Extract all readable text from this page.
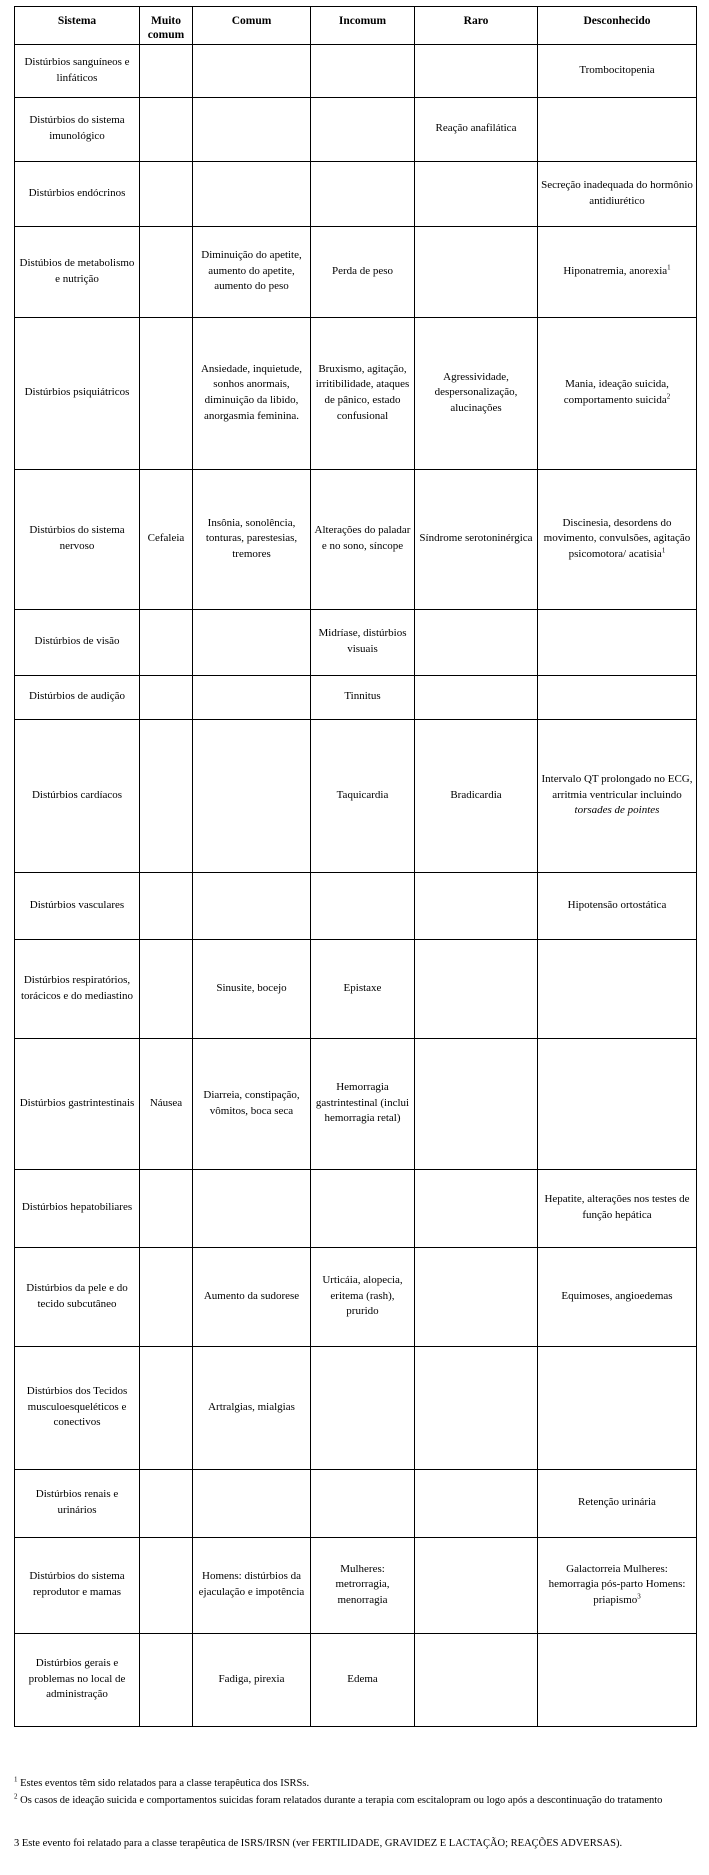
Sistema	Muito comum	Comum	Incomum	Raro	Desconhecido
Distúrbios sanguíneos e linfáticos					Trombocitopenia
Distúrbios do sistema imunológico				Reação anafilática	
Distúrbios endócrinos					Secreção inadequada do hormônio antidiurético
Distúbios de metabolismo e nutrição		Diminuição do apetite, aumento do apetite, aumento do peso	Perda de peso		Hiponatremia, anorexia$^1$
Distúrbios psiquiátricos		Ansiedade, inquietude, sonhos anormais, diminuição da libido, anorgasmia feminina.	Bruxismo, agitação, irritibilidade, ataques de pânico, estado confusional	Agressividade, despersonalização, alucinações	Mania, ideação suicida, comportamento suicida$^2$
Distúrbios do sistema nervoso	Cefaleia	Insônia, sonolência, tonturas, parestesias, tremores	Alterações do paladar e no sono, síncope	Síndrome serotoninérgica	Discinesia, desordens do movimento, convulsões, agitação psicomotora/ acatisia$^1$
Distúrbios de visão			Midríase, distúrbios visuais		
Distúrbios de audição			Tinnitus		
Distúrbios cardíacos			Taquicardia	Bradicardia	Intervalo QT prolongado no ECG, arritmia ventricular incluindo torsades de pointes
Distúrbios vasculares					Hipotensão ortostática
Distúrbios respiratórios, torácicos e do mediastino		Sinusite, bocejo	Epistaxe		
Distúrbios gastrintestinais	Náusea	Diarreia, constipação, vômitos, boca seca	Hemorragia gastrintestinal (inclui hemorragia retal)		
Distúrbios hepatobiliares					Hepatite, alterações nos testes de função hepática
Distúrbios da pele e do tecido subcutâneo		Aumento da sudorese	Urticáia, alopecia, eritema (rash), prurido		Equimoses, angioedemas
Distúrbios dos Tecidos musculoesqueléticos e conectivos		Artralgias, mialgias			
Distúrbios renais e urinários					Retenção urinária
Distúrbios do sistema reprodutor e mamas		Homens: distúrbios da ejaculação e impotência	Mulheres: metrorragia, menorragia		Galactorreia Mulheres: hemorragia pós-parto Homens: priapismo$^3$
Distúrbios gerais e problemas no local de administração		Fadiga, pirexia	Edema		
$^1$ Estes eventos têm sido relatados para a classe terapêutica dos ISRSs.
$^2$ Os casos de ideação suicida e comportamentos suicidas foram relatados durante a terapia com escitalopram ou logo após a descontinuação do tratamento
3 Este evento foi relatado para a classe terapêutica de ISRS/IRSN (ver FERTILIDADE, GRAVIDEZ E LACTAÇÃO; REAÇÕES ADVERSAS).
